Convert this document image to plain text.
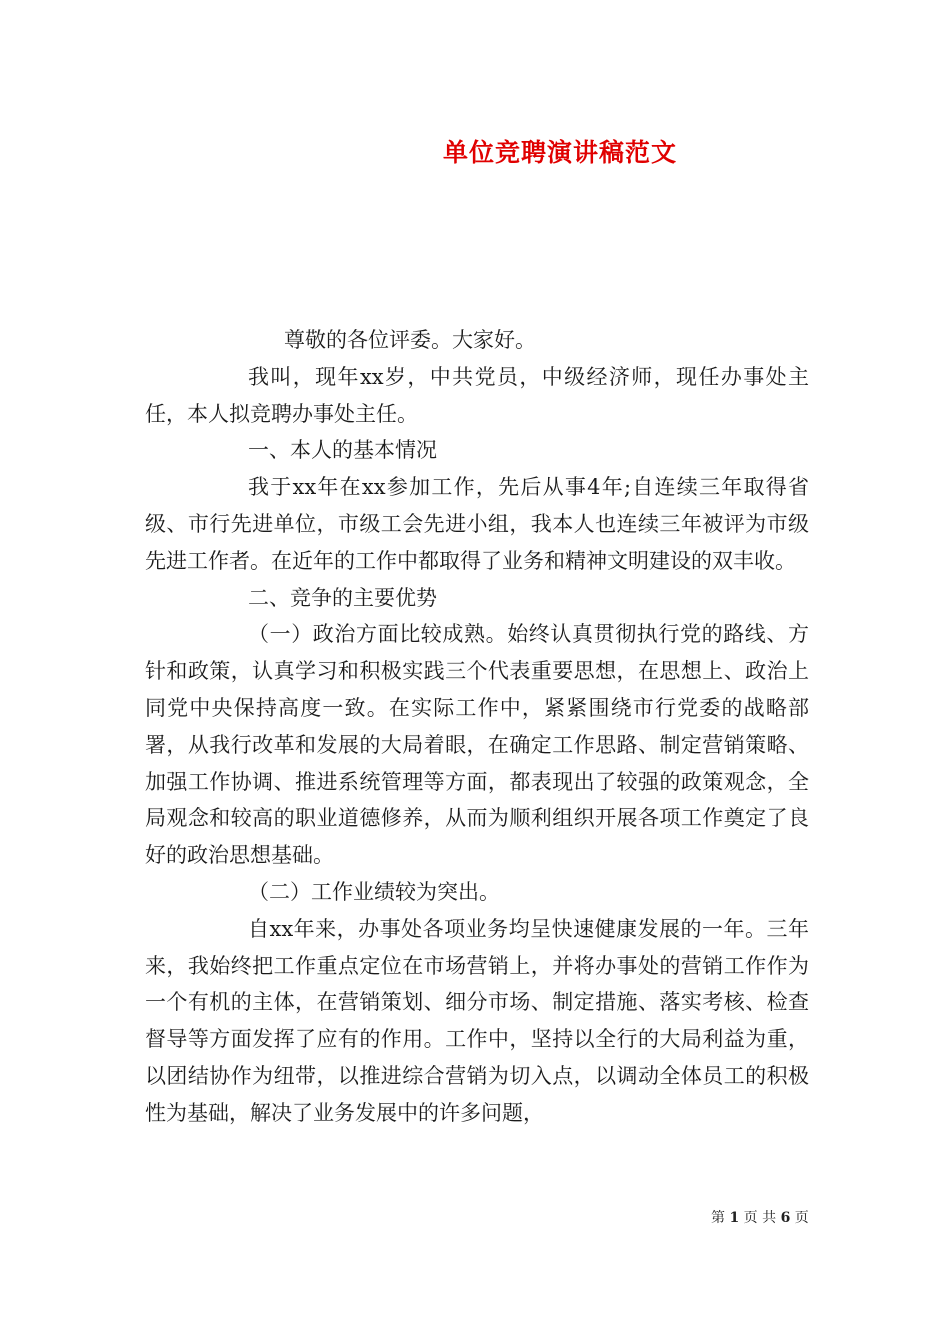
单位竞聘演讲稿范文

尊敬的各位评委。大家好。

我叫，现年xx岁，中共党员，中级经济师，现任办事处主任，本人拟竞聘办事处主任。

一、本人的基本情况

我于xx年在xx参加工作，先后从事4年;自连续三年取得省级、市行先进单位，市级工会先进小组，我本人也连续三年被评为市级先进工作者。在近年的工作中都取得了业务和精神文明建设的双丰收。

二、竞争的主要优势

（一）政治方面比较成熟。始终认真贯彻执行党的路线、方针和政策，认真学习和积极实践三个代表重要思想，在思想上、政治上同党中央保持高度一致。在实际工作中，紧紧围绕市行党委的战略部署，从我行改革和发展的大局着眼，在确定工作思路、制定营销策略、加强工作协调、推进系统管理等方面，都表现出了较强的政策观念，全局观念和较高的职业道德修养，从而为顺利组织开展各项工作奠定了良好的政治思想基础。

（二）工作业绩较为突出。

自xx年来，办事处各项业务均呈快速健康发展的一年。三年来，我始终把工作重点定位在市场营销上，并将办事处的营销工作作为一个有机的主体，在营销策划、细分市场、制定措施、落实考核、检查督导等方面发挥了应有的作用。工作中，坚持以全行的大局利益为重，以团结协作为纽带，以推进综合营销为切入点，以调动全体员工的积极性为基础，解决了业务发展中的许多问题，

第 1 页 共 6 页
